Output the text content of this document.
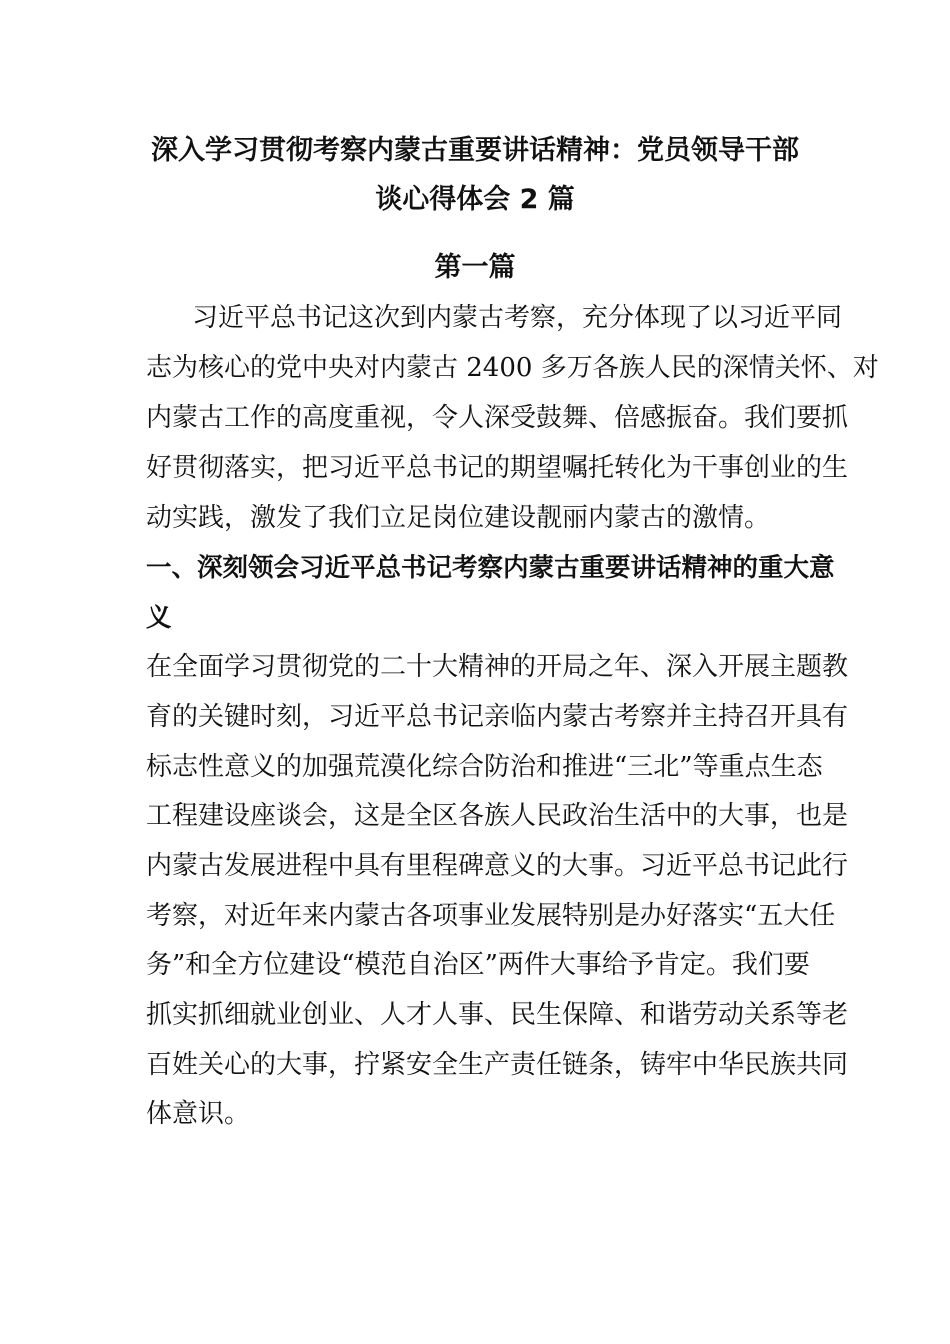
深入学习贯彻考察内蒙古重要讲话精神：党员领导干部
谈心得体会 2 篇
第一篇

习近平总书记这次到内蒙古考察，充分体现了以习近平同

志为核心的党中央对内蒙古 2400 多万各族人民的深情关怀、对

内蒙古工作的高度重视，令人深受鼓舞、倍感振奋。我们要抓

好贯彻落实，把习近平总书记的期望嘱托转化为干事创业的生

动实践，激发了我们立足岗位建设靓丽内蒙古的激情。

一、深刻领会习近平总书记考察内蒙古重要讲话精神的重大意

义

在全面学习贯彻党的二十大精神的开局之年、深入开展主题教

育的关键时刻，习近平总书记亲临内蒙古考察并主持召开具有

标志性意义的加强荒漠化综合防治和推进“三北”等重点生态

工程建设座谈会，这是全区各族人民政治生活中的大事，也是

内蒙古发展进程中具有里程碑意义的大事。习近平总书记此行

考察，对近年来内蒙古各项事业发展特别是办好落实“五大任

务”和全方位建设“模范自治区”两件大事给予肯定。我们要

抓实抓细就业创业、人才人事、民生保障、和谐劳动关系等老

百姓关心的大事，拧紧安全生产责任链条，铸牢中华民族共同

体意识。
